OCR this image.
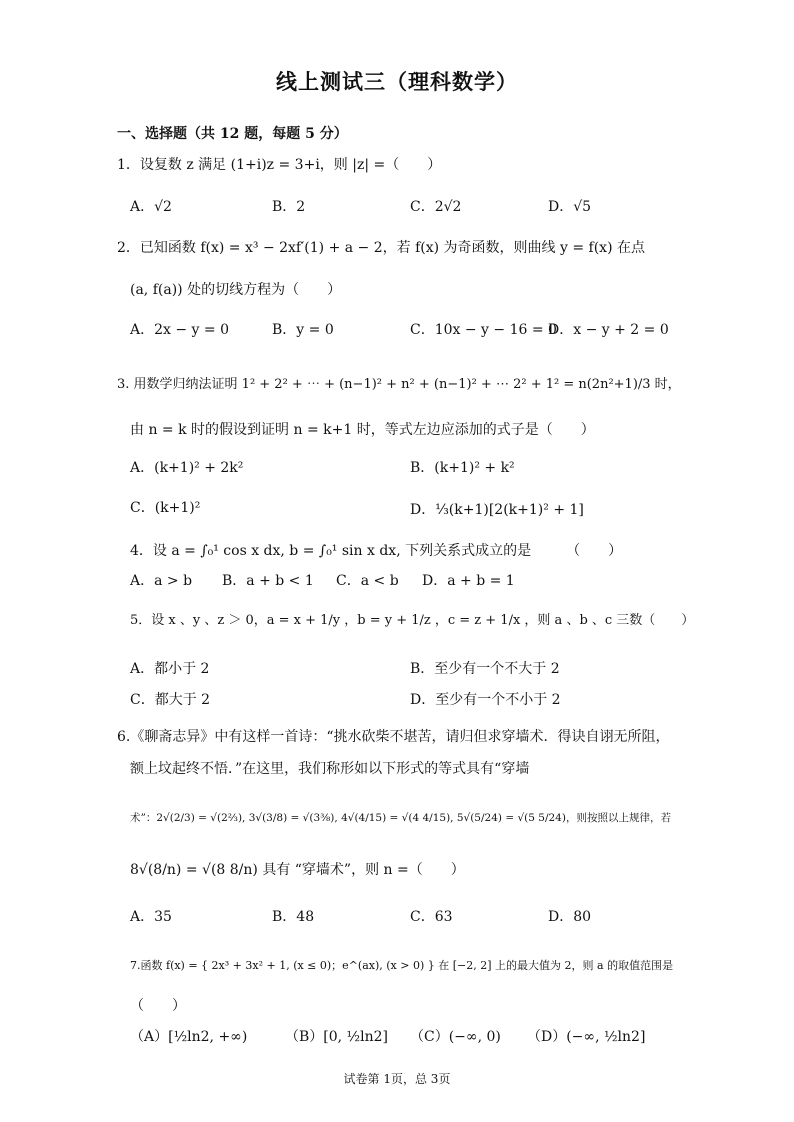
线上测试三（理科数学）
一、选择题（共 12 题，每题 5 分）
1．设复数 z 满足 (1+i)z = 3+i，则 |z| =（　　）
A．√2	B．2	C．2√2	D．√5
2．已知函数 f(x) = x³ − 2xf′(1) + a − 2，若 f(x) 为奇函数，则曲线 y = f(x) 在点
(a, f(a)) 处的切线方程为（　　）
A．2x − y = 0	B．y = 0	C．10x − y − 16 = 0
D．x − y + 2 = 0
3. 用数学归纳法证明 1² + 2² + ⋯ + (n−1)² + n² + (n−1)² + ⋯ 2² + 1² = n(2n²+1)/3 时，
由 n = k 时的假设到证明 n = k+1 时，等式左边应添加的式子是（　　）
A．(k+1)² + 2k²	B．(k+1)² + k²
C．(k+1)²	D．⅓(k+1)[2(k+1)² + 1]
4．设 a = ∫₀¹ cos x dx, b = ∫₀¹ sin x dx, 下列关系式成立的是　　　（　　）
A．a > b B．a + b < 1 C．a < b D．a + b = 1
5．设 x 、y 、z ＞ 0，a = x + 1/y ，b = y + 1/z ，c = z + 1/x ，则 a 、b 、c 三数（　　）
A．都小于 2	B．至少有一个不大于 2
C．都大于 2	D．至少有一个不小于 2
6.《聊斋志异》中有这样一首诗：“挑水砍柴不堪苦，请归但求穿墙术．得诀自诩无所阻，
额上坟起终不悟．”在这里，我们称形如以下形式的等式具有“穿墙
术”：2√(2/3) = √(2⅔), 3√(3/8) = √(3⅜), 4√(4/15) = √(4 4/15), 5√(5/24) = √(5 5/24)，则按照以上规律，若
8√(8/n) = √(8 8/n) 具有 “穿墙术”，则 n =（　　）
A．35	B．48	C．63	D．80
7.函数 f(x) = { 2x³ + 3x² + 1, (x ≤ 0)；e^(ax), (x > 0) } 在 [−2, 2] 上的最大值为 2，则 a 的取值范围是
（　　）
（A）[½ln2, +∞)	（B）[0, ½ln2] （C）(−∞, 0) （D）(−∞, ½ln2]
试卷第 1页，总 3页
